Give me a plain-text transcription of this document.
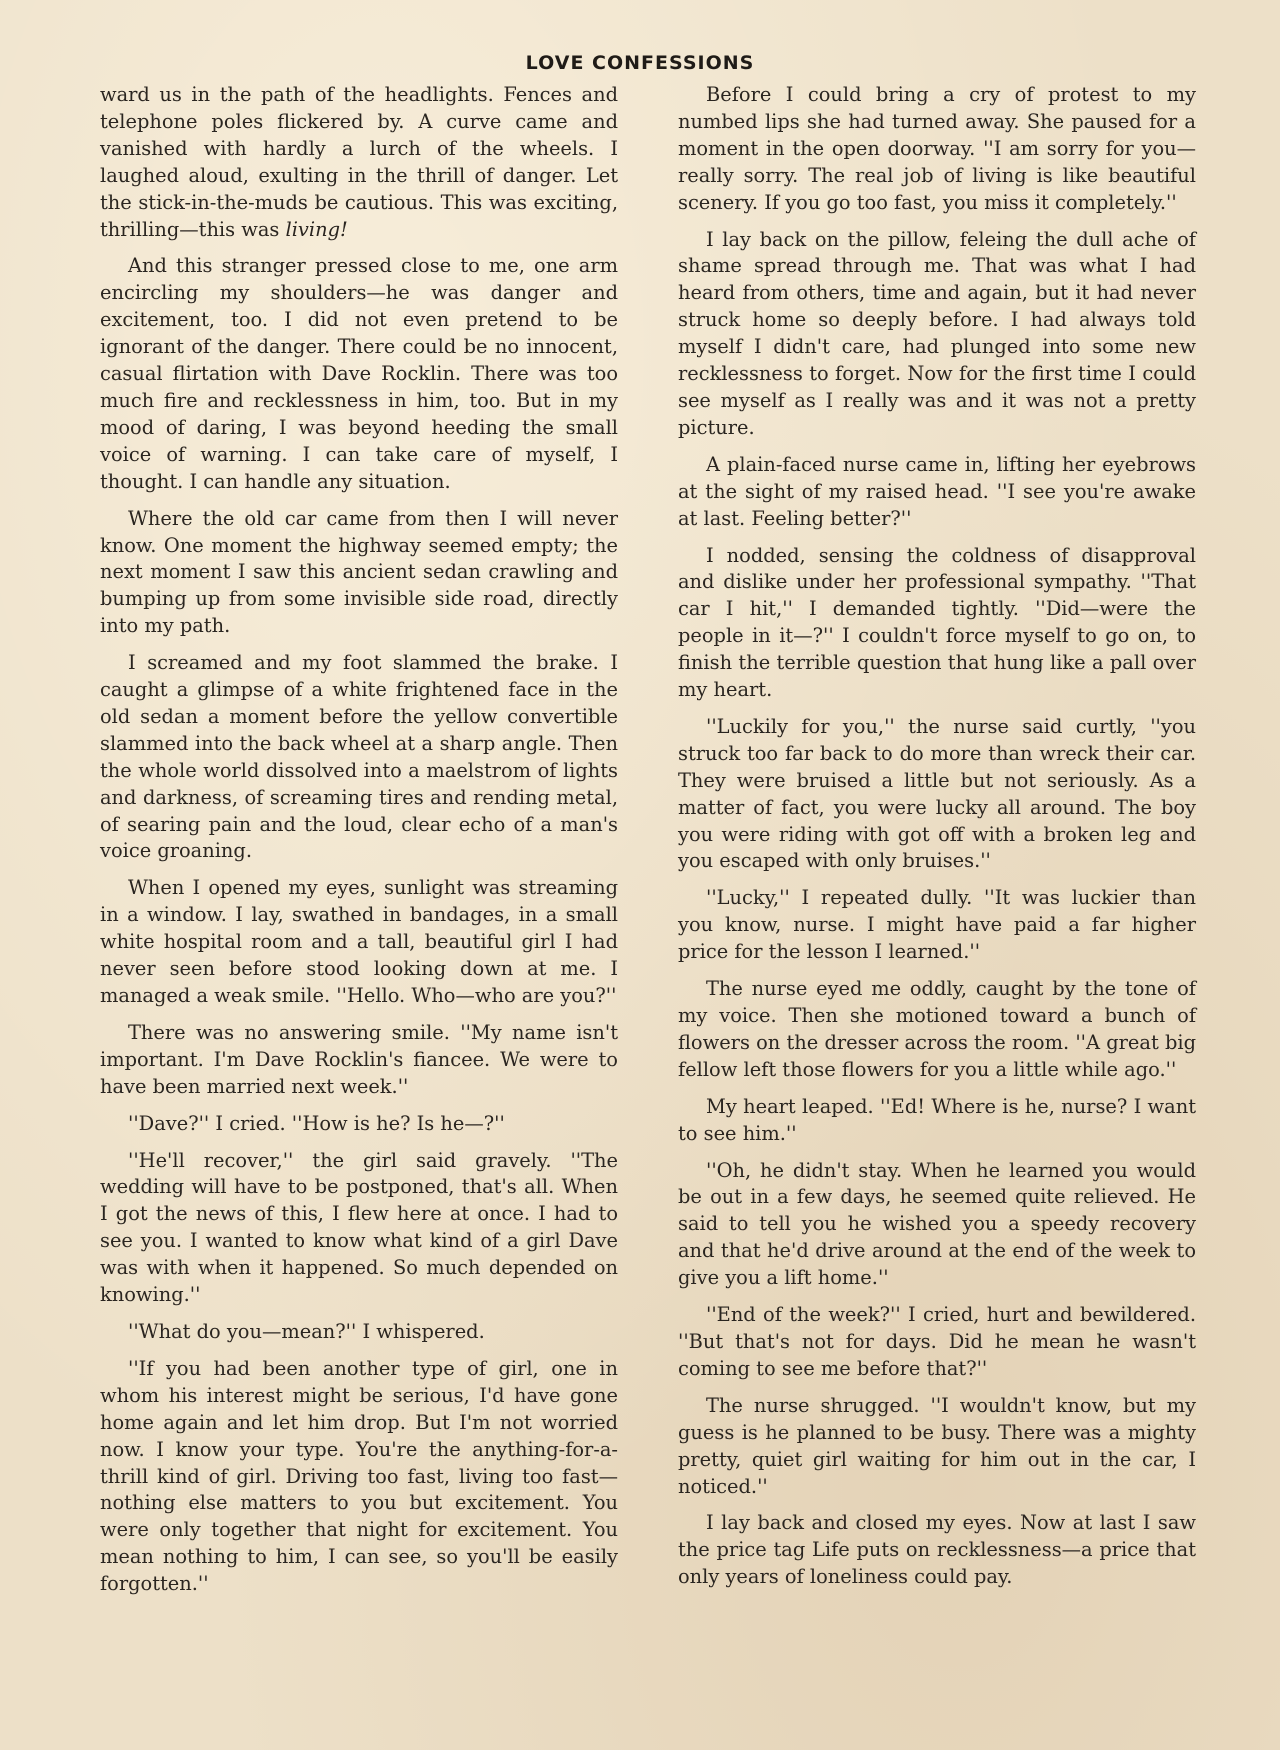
LOVE CONFESSIONS

ward us in the path of the headlights. Fences and telephone poles flickered by. A curve came and vanished with hardly a lurch of the wheels. I laughed aloud, exulting in the thrill of danger. Let the stick-in-the-muds be cautious. This was exciting, thrilling—this was living!

And this stranger pressed close to me, one arm encircling my shoulders—he was danger and excitement, too. I did not even pretend to be ignorant of the danger. There could be no innocent, casual flirtation with Dave Rocklin. There was too much fire and recklessness in him, too. But in my mood of daring, I was beyond heeding the small voice of warning. I can take care of myself, I thought. I can handle any situation.

Where the old car came from then I will never know. One moment the highway seemed empty; the next moment I saw this ancient sedan crawling and bumping up from some invisible side road, directly into my path.

I screamed and my foot slammed the brake. I caught a glimpse of a white frightened face in the old sedan a moment before the yellow convertible slammed into the back wheel at a sharp angle. Then the whole world dissolved into a maelstrom of lights and darkness, of screaming tires and rending metal, of searing pain and the loud, clear echo of a man's voice groaning.

When I opened my eyes, sunlight was streaming in a window. I lay, swathed in bandages, in a small white hospital room and a tall, beautiful girl I had never seen before stood looking down at me. I managed a weak smile. ''Hello. Who—who are you?''

There was no answering smile. ''My name isn't important. I'm Dave Rocklin's fiancee. We were to have been married next week.''

''Dave?'' I cried. ''How is he? Is he—?''

''He'll recover,'' the girl said gravely. ''The wedding will have to be postponed, that's all. When I got the news of this, I flew here at once. I had to see you. I wanted to know what kind of a girl Dave was with when it happened. So much depended on knowing.''

''What do you—mean?'' I whispered.

''If you had been another type of girl, one in whom his interest might be serious, I'd have gone home again and let him drop. But I'm not worried now. I know your type. You're the anything-for-a-thrill kind of girl. Driving too fast, living too fast—nothing else matters to you but excitement. You were only together that night for excitement. You mean nothing to him, I can see, so you'll be easily forgotten.''

Before I could bring a cry of protest to my numbed lips she had turned away. She paused for a moment in the open doorway. ''I am sorry for you—really sorry. The real job of living is like beautiful scenery. If you go too fast, you miss it completely.''

I lay back on the pillow, feleing the dull ache of shame spread through me. That was what I had heard from others, time and again, but it had never struck home so deeply before. I had always told myself I didn't care, had plunged into some new recklessness to forget. Now for the first time I could see myself as I really was and it was not a pretty picture.

A plain-faced nurse came in, lifting her eyebrows at the sight of my raised head. ''I see you're awake at last. Feeling better?''

I nodded, sensing the coldness of disapproval and dislike under her professional sympathy. ''That car I hit,'' I demanded tightly. ''Did—were the people in it—?'' I couldn't force myself to go on, to finish the terrible question that hung like a pall over my heart.

''Luckily for you,'' the nurse said curtly, ''you struck too far back to do more than wreck their car. They were bruised a little but not seriously. As a matter of fact, you were lucky all around. The boy you were riding with got off with a broken leg and you escaped with only bruises.''

''Lucky,'' I repeated dully. ''It was luckier than you know, nurse. I might have paid a far higher price for the lesson I learned.''

The nurse eyed me oddly, caught by the tone of my voice. Then she motioned toward a bunch of flowers on the dresser across the room. ''A great big fellow left those flowers for you a little while ago.''

My heart leaped. ''Ed! Where is he, nurse? I want to see him.''

''Oh, he didn't stay. When he learned you would be out in a few days, he seemed quite relieved. He said to tell you he wished you a speedy recovery and that he'd drive around at the end of the week to give you a lift home.''

''End of the week?'' I cried, hurt and bewildered. ''But that's not for days. Did he mean he wasn't coming to see me before that?''

The nurse shrugged. ''I wouldn't know, but my guess is he planned to be busy. There was a mighty pretty, quiet girl waiting for him out in the car, I noticed.''

I lay back and closed my eyes. Now at last I saw the price tag Life puts on recklessness—a price that only years of loneliness could pay.
